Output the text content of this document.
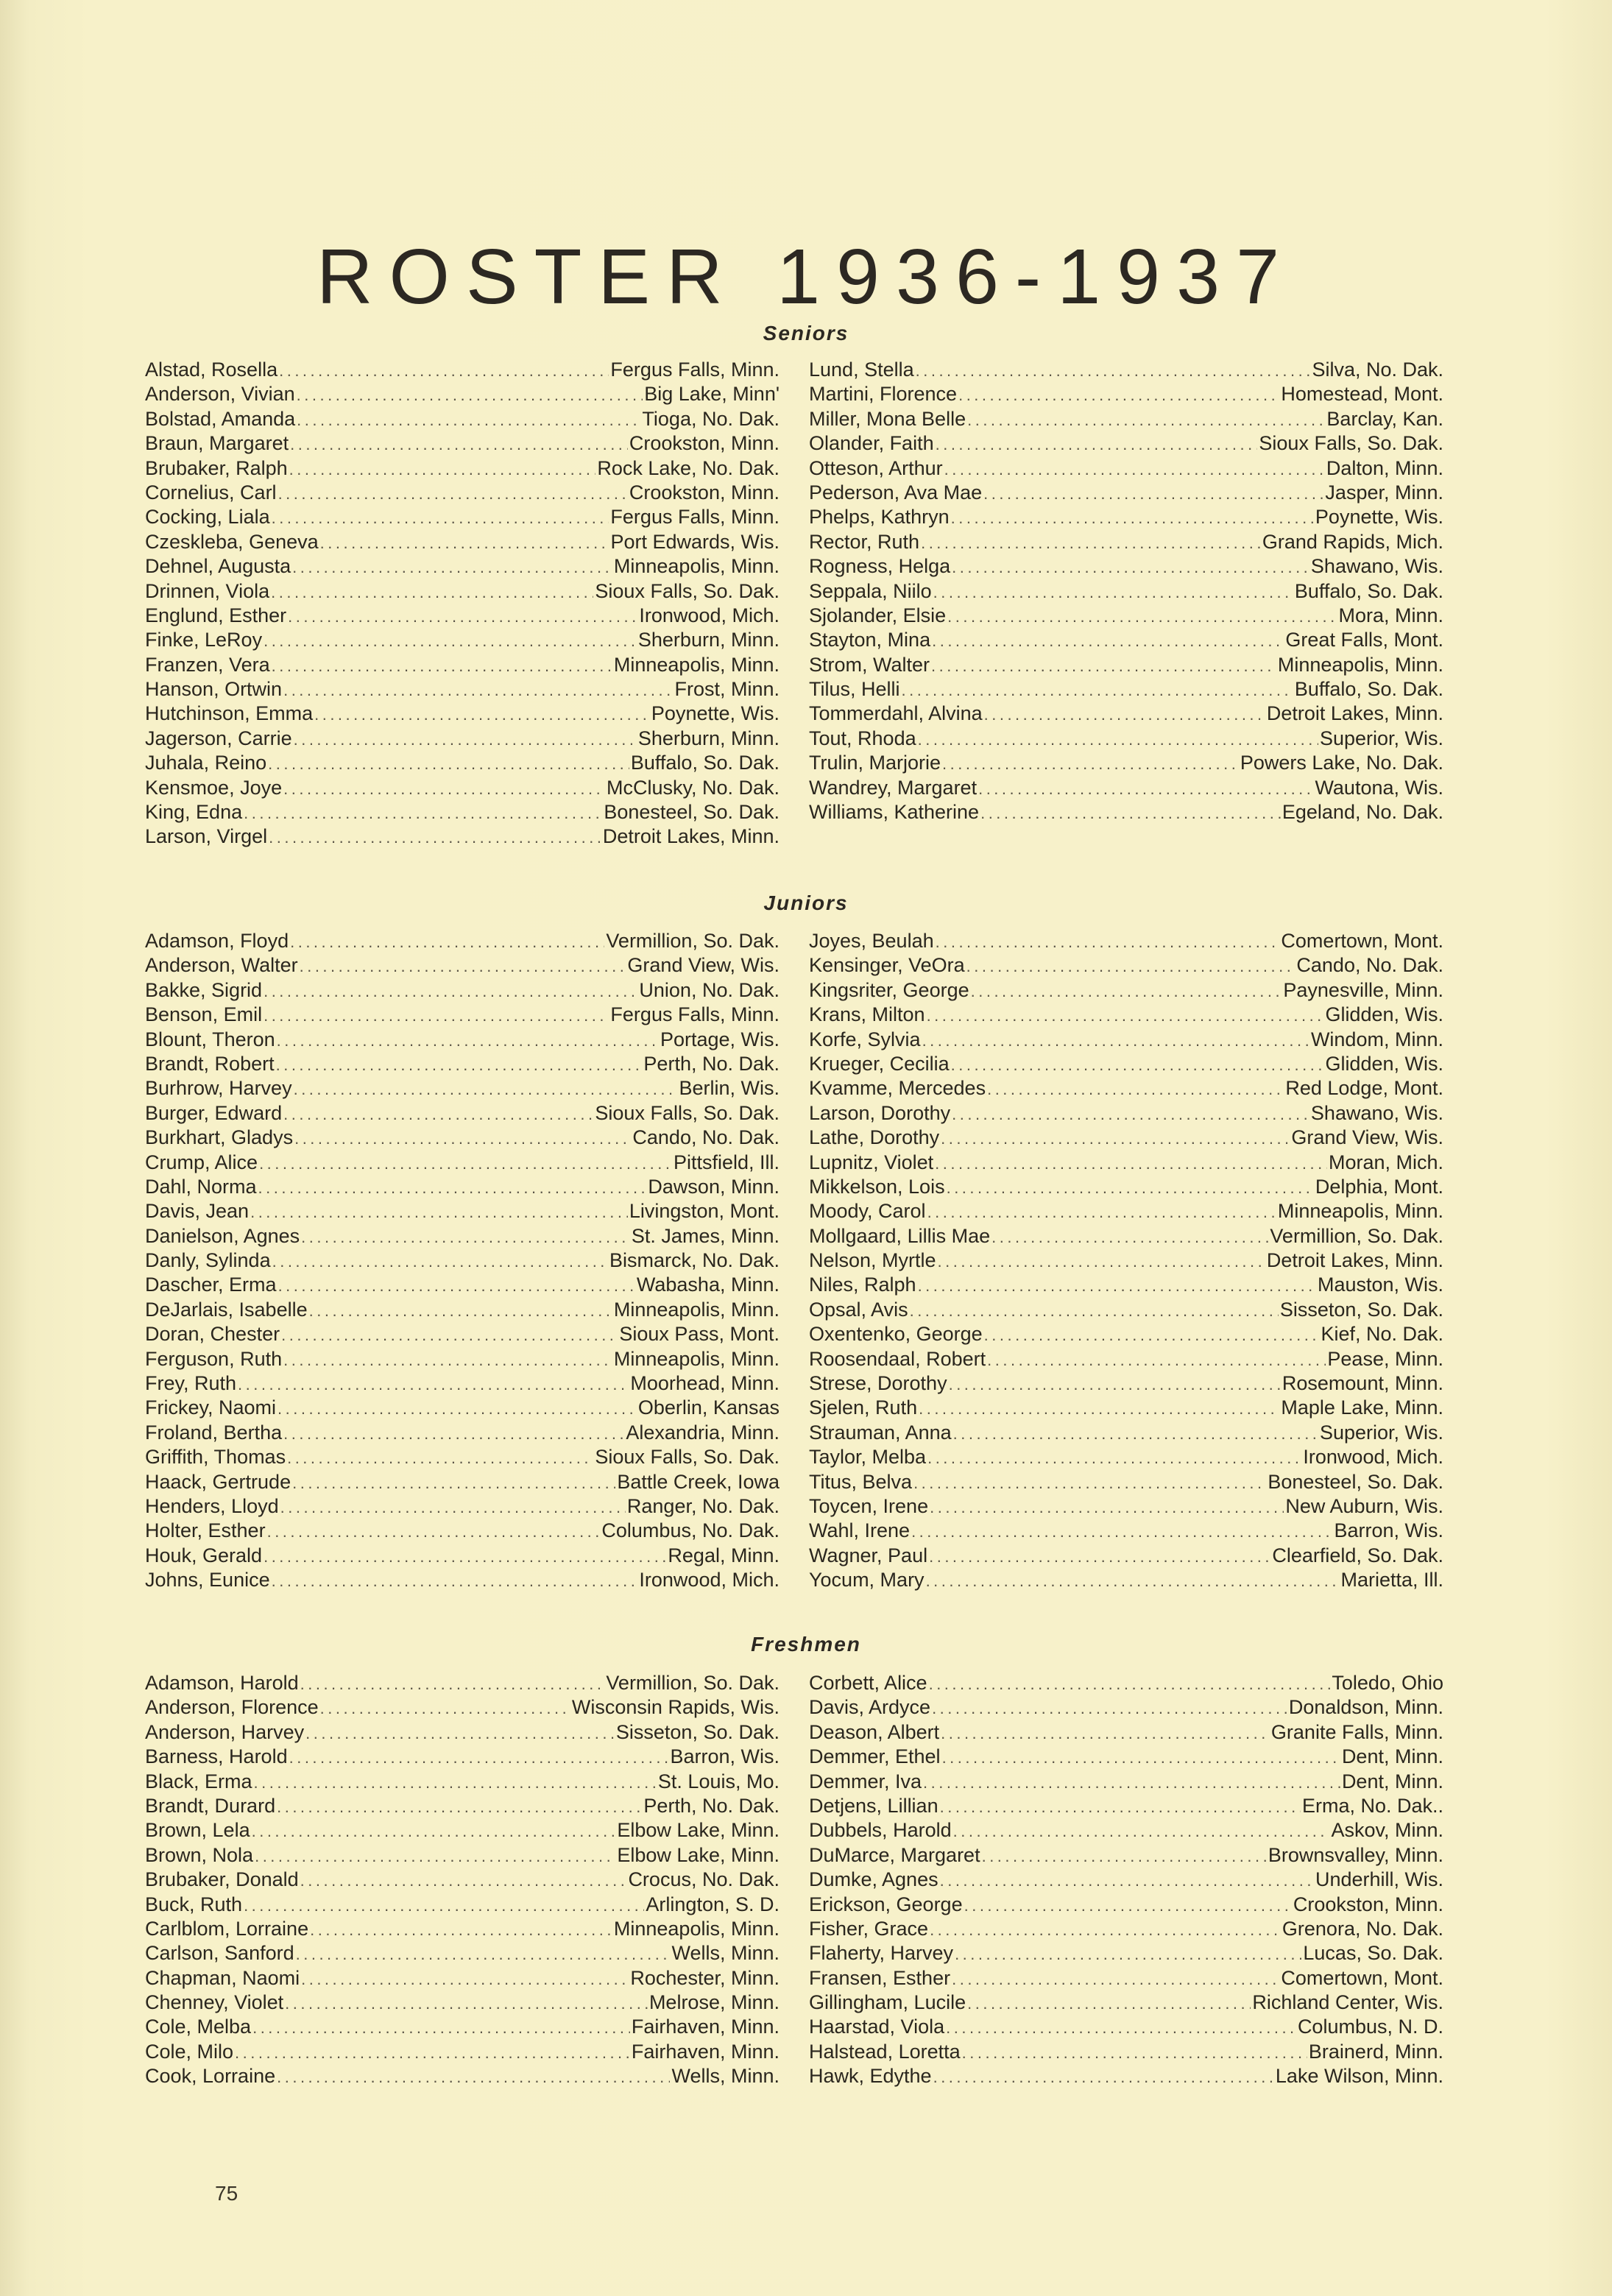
ROSTER 1936-1937
Seniors
Alstad, Rosella .....	Fergus Falls, Minn.
Anderson, Vivian .....	Big Lake, Minn'
Bolstad, Amanda .....	Tioga, No. Dak.
Braun, Margaret .....	Crookston, Minn.
Brubaker, Ralph .....	Rock Lake, No. Dak.
Cornelius, Carl .....	Crookston, Minn.
Cocking, Liala .....	Fergus Falls, Minn.
Czeskleba, Geneva .....	Port Edwards, Wis.
Dehnel, Augusta .....	Minneapolis, Minn.
Drinnen, Viola .....	Sioux Falls, So. Dak.
Englund, Esther .....	Ironwood, Mich.
Finke, LeRoy .....	Sherburn, Minn.
Franzen, Vera .....	Minneapolis, Minn.
Hanson, Ortwin .....	Frost, Minn.
Hutchinson, Emma .....	Poynette, Wis.
Jagerson, Carrie .....	Sherburn, Minn.
Juhala, Reino .....	Buffalo, So. Dak.
Kensmoe, Joye .....	McClusky, No. Dak.
King, Edna .....	Bonesteel, So. Dak.
Larson, Virgel .....	Detroit Lakes, Minn.
Lund, Stella .....	Silva, No. Dak.
Martini, Florence .....	Homestead, Mont.
Miller, Mona Belle .....	Barclay, Kan.
Olander, Faith .....	Sioux Falls, So. Dak.
Otteson, Arthur .....	Dalton, Minn.
Pederson, Ava Mae .....	Jasper, Minn.
Phelps, Kathryn .....	Poynette, Wis.
Rector, Ruth .....	Grand Rapids, Mich.
Rogness, Helga .....	Shawano, Wis.
Seppala, Niilo .....	Buffalo, So. Dak.
Sjolander, Elsie .....	Mora, Minn.
Stayton, Mina .....	Great Falls, Mont.
Strom, Walter .....	Minneapolis, Minn.
Tilus, Helli .....	Buffalo, So. Dak.
Tommerdahl, Alvina .....	Detroit Lakes, Minn.
Tout, Rhoda .....	Superior, Wis.
Trulin, Marjorie .....	Powers Lake, No. Dak.
Wandrey, Margaret .....	Wautona, Wis.
Williams, Katherine .....	Egeland, No. Dak.
Juniors
Adamson, Floyd .....	Vermillion, So. Dak.
Anderson, Walter .....	Grand View, Wis.
Bakke, Sigrid .....	Union, No. Dak.
Benson, Emil .....	Fergus Falls, Minn.
Blount, Theron .....	Portage, Wis.
Brandt, Robert .....	Perth, No. Dak.
Burhrow, Harvey .....	Berlin, Wis.
Burger, Edward .....	Sioux Falls, So. Dak.
Burkhart, Gladys .....	Cando, No. Dak.
Crump, Alice .....	Pittsfield, Ill.
Dahl, Norma .....	Dawson, Minn.
Davis, Jean .....	Livingston, Mont.
Danielson, Agnes .....	St. James, Minn.
Danly, Sylinda .....	Bismarck, No. Dak.
Dascher, Erma .....	Wabasha, Minn.
DeJarlais, Isabelle .....	Minneapolis, Minn.
Doran, Chester .....	Sioux Pass, Mont.
Ferguson, Ruth .....	Minneapolis, Minn.
Frey, Ruth .....	Moorhead, Minn.
Frickey, Naomi .....	Oberlin, Kansas
Froland, Bertha .....	Alexandria, Minn.
Griffith, Thomas .....	Sioux Falls, So. Dak.
Haack, Gertrude .....	Battle Creek, Iowa
Henders, Lloyd .....	Ranger, No. Dak.
Holter, Esther .....	Columbus, No. Dak.
Houk, Gerald .....	Regal, Minn.
Johns, Eunice .....	Ironwood, Mich.
Joyes, Beulah .....	Comertown, Mont.
Kensinger, VeOra .....	Cando, No. Dak.
Kingsriter, George .....	Paynesville, Minn.
Krans, Milton .....	Glidden, Wis.
Korfe, Sylvia .....	Windom, Minn.
Krueger, Cecilia .....	Glidden, Wis.
Kvamme, Mercedes .....	Red Lodge, Mont.
Larson, Dorothy .....	Shawano, Wis.
Lathe, Dorothy .....	Grand View, Wis.
Lupnitz, Violet .....	Moran, Mich.
Mikkelson, Lois .....	Delphia, Mont.
Moody, Carol .....	Minneapolis, Minn.
Mollgaard, Lillis Mae .....	Vermillion, So. Dak.
Nelson, Myrtle .....	Detroit Lakes, Minn.
Niles, Ralph .....	Mauston, Wis.
Opsal, Avis .....	Sisseton, So. Dak.
Oxentenko, George .....	Kief, No. Dak.
Roosendaal, Robert .....	Pease, Minn.
Strese, Dorothy .....	Rosemount, Minn.
Sjelen, Ruth .....	Maple Lake, Minn.
Strauman, Anna .....	Superior, Wis.
Taylor, Melba .....	Ironwood, Mich.
Titus, Belva .....	Bonesteel, So. Dak.
Toycen, Irene .....	New Auburn, Wis.
Wahl, Irene .....	Barron, Wis.
Wagner, Paul .....	Clearfield, So. Dak.
Yocum, Mary .....	Marietta, Ill.
Freshmen
Adamson, Harold .....	Vermillion, So. Dak.
Anderson, Florence .....	Wisconsin Rapids, Wis.
Anderson, Harvey .....	Sisseton, So. Dak.
Barness, Harold .....	Barron, Wis.
Black, Erma .....	St. Louis, Mo.
Brandt, Durard .....	Perth, No. Dak.
Brown, Lela .....	Elbow Lake, Minn.
Brown, Nola .....	Elbow Lake, Minn.
Brubaker, Donald .....	Crocus, No. Dak.
Buck, Ruth .....	Arlington, S. D.
Carlblom, Lorraine .....	Minneapolis, Minn.
Carlson, Sanford .....	Wells, Minn.
Chapman, Naomi .....	Rochester, Minn.
Chenney, Violet .....	Melrose, Minn.
Cole, Melba .....	Fairhaven, Minn.
Cole, Milo .....	Fairhaven, Minn.
Cook, Lorraine .....	Wells, Minn.
Corbett, Alice .....	Toledo, Ohio
Davis, Ardyce .....	Donaldson, Minn.
Deason, Albert .....	Granite Falls, Minn.
Demmer, Ethel .....	Dent, Minn.
Demmer, Iva .....	Dent, Minn.
Detjens, Lillian .....	Erma, No. Dak..
Dubbels, Harold .....	Askov, Minn.
DuMarce, Margaret .....	Brownsvalley, Minn.
Dumke, Agnes .....	Underhill, Wis.
Erickson, George .....	Crookston, Minn.
Fisher, Grace .....	Grenora, No. Dak.
Flaherty, Harvey .....	Lucas, So. Dak.
Fransen, Esther .....	Comertown, Mont.
Gillingham, Lucile .....	Richland Center, Wis.
Haarstad, Viola .....	Columbus, N. D.
Halstead, Loretta .....	Brainerd, Minn.
Hawk, Edythe .....	Lake Wilson, Minn.
75
